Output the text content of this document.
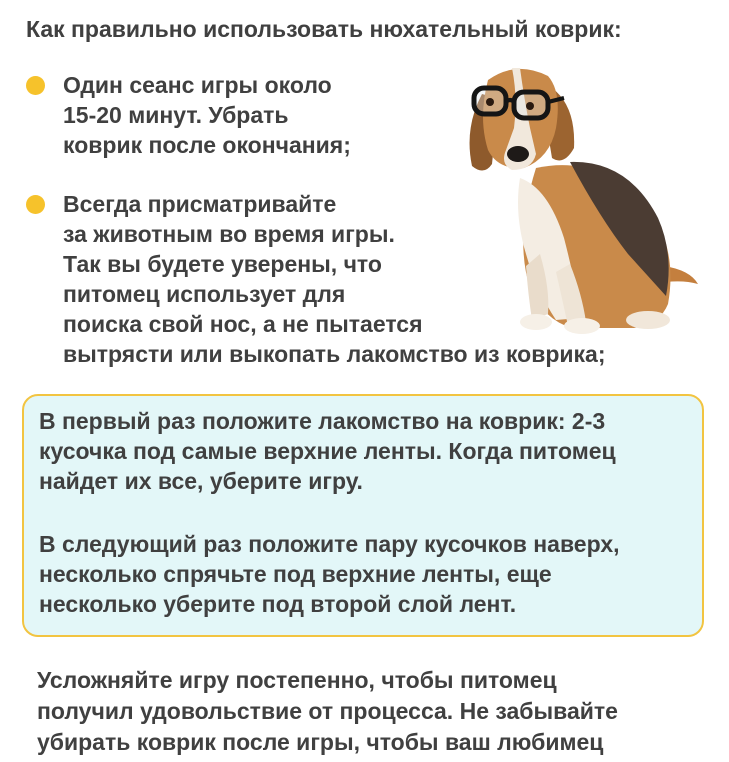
Как правильно использовать нюхательный коврик:
Один сеанс игры около
15-20 минут. Убрать
коврик после окончания;
Всегда присматривайте
за животным во время игры.
Так вы будете уверены, что
питомец использует для
поиска свой нос, а не пытается
вытрясти или выкопать лакомство из коврика;
В первый раз положите лакомство на коврик: 2-3
кусочка под самые верхние ленты. Когда питомец
найдет их все, уберите игру.
В следующий раз положите пару кусочков наверх,
несколько спрячьте под верхние ленты, еще
несколько уберите под второй слой лент.
Усложняйте игру постепенно, чтобы питомец
получил удовольствие от процесса. Не забывайте
убирать коврик после игры, чтобы ваш любимец
